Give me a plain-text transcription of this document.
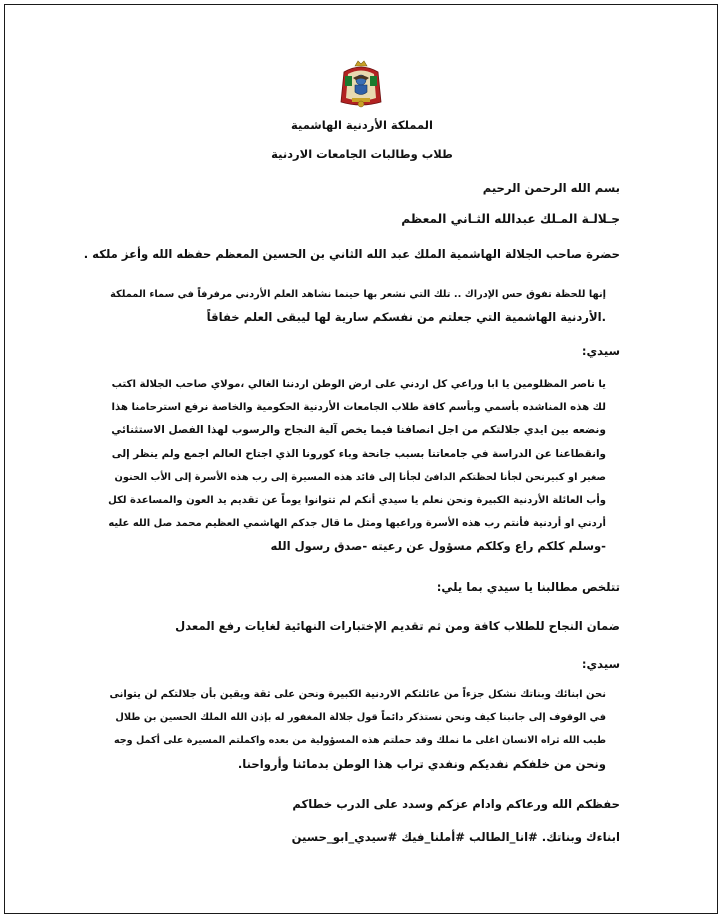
المملكة الأردنية الهاشمية
طلاب وطالبات الجامعات الاردنية
بسم الله الرحمن الرحيم
جـلالـة المـلك عبدالله الثـاني المعظم
حضرة صاحب الجلالة الهاشمية الملك عبد الله الثاني بن الحسين المعظم حفظه الله وأعز ملكه .
إنها للحظة تفوق حس الإدراك .. تلك التي نشعر بها حينما نشاهد العلم الأردني مرفرفاً في سماء المملكة
.الأردنية الهاشمية التي جعلتم من نفسكم سارية لها ليبقى العلم خفاقاً
سيدي:
يا ناصر المظلومين يا ابا وراعي كل اردني على ارض الوطن اردننا الغالي ،مولاي صاحب الجلالة اكتب
لك هذه المناشده بأسمي وبأسم كافة طلاب الجامعات الأردنية الحكومية والخاصة نرفع استرحامنا هذا
ونضعه بين ايدي جلالتكم من اجل انصافنا فيما يخص آلية النجاح والرسوب لهذا الفصل الاستثنائي
وانقطاعنا عن الدراسة في جامعاتنا بسبب جانحة وباء كورونا الذي اجتاح العالم اجمع ولم ينظر إلى
صغير او كبيرنحن لجأنا لحظتكم الدافئ لجأنا إلى قائد هذه المسيرة إلى رب هذه الأسرة إلى الأب الحنون
وأب العائلة الأردنية الكبيرة ونحن نعلم يا سيدي أنكم لم تتوانوا يوماً عن تقديم يد العون والمساعدة لكل
أردني او أردنية فأنتم رب هذه الأسرة وراعيها ومثل ما قال جدكم الهاشمي العظيم محمد صل الله عليه
-وسلم كلكم راع وكلكم مسؤول عن رعيته -صدق رسول الله
تتلخص مطالبنا يا سيدي بما يلي:
ضمان النجاح للطلاب كافة ومن ثم تقديم الإختبارات النهائية لغايات رفع المعدل
سيدي:
نحن ابنائك وبناتك نشكل جزءاً من عائلتكم الاردنية الكبيرة ونحن على ثقة ويقين بأن جلالتكم لن يتوانى
في الوقوف إلى جانبنا كيف ونحن نستذكر دائماً قول جلالة المغفور له بإذن الله الملك الحسين بن طلال
طيب الله ثراه الانسان اغلى ما نملك وقد حملتم هذه المسؤولية من بعده واكملتم المسيرة على أكمل وجه
ونحن من خلفكم نفديكم ونفدي تراب هذا الوطن بدمائنا وأرواحنا.
حفظكم الله ورعاكم وادام عزكم وسدد على الدرب خطاكم
ابناءك وبناتك. #انا_الطالب #أملنا_فيك #سيدي_ابو_حسين
